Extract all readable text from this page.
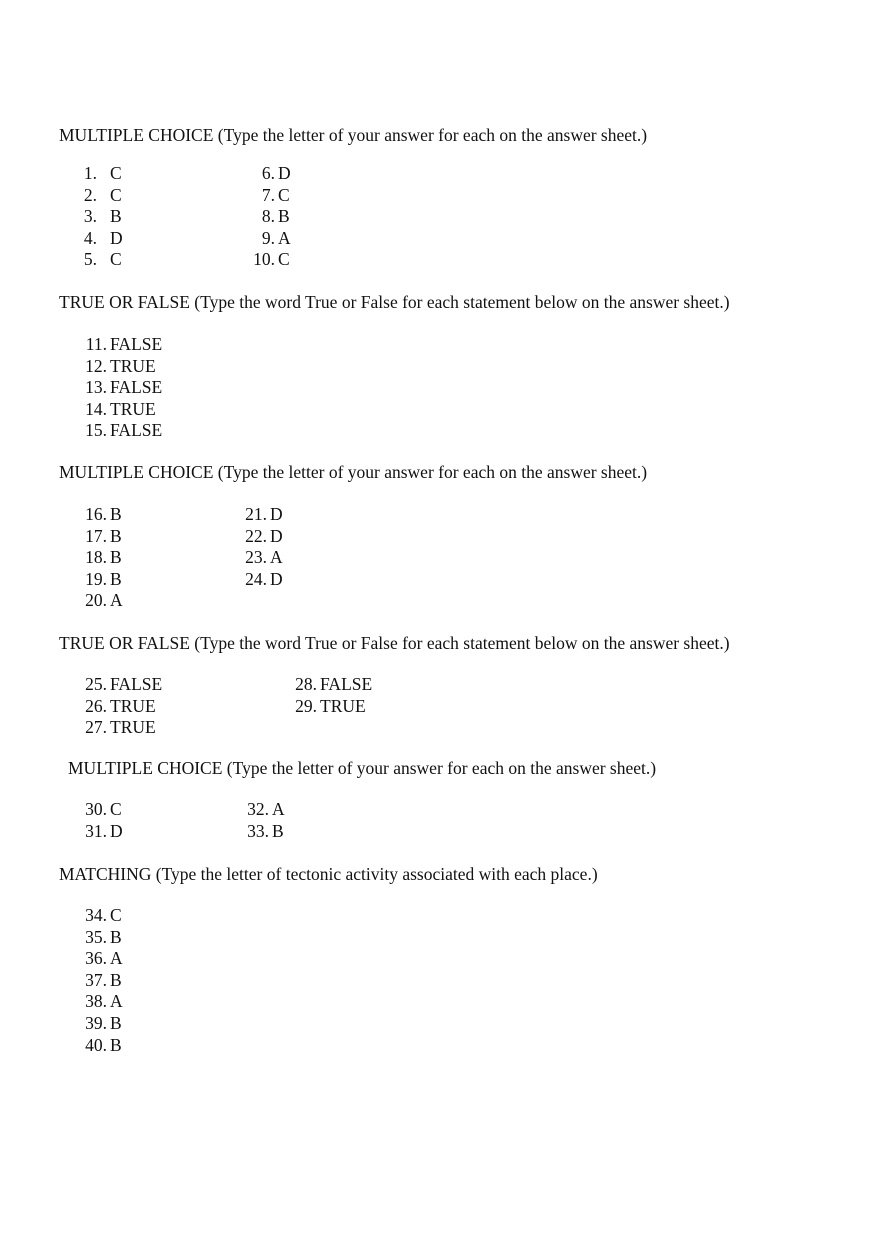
MULTIPLE CHOICE (Type the letter of your answer for each on the answer sheet.)
1. C
2. C
3. B
4. D
5. C
6. D
7. C
8. B
9. A
10. C
TRUE OR FALSE (Type the word True or False for each statement below on the answer sheet.)
11. FALSE
12. TRUE
13. FALSE
14. TRUE
15. FALSE
MULTIPLE CHOICE (Type the letter of your answer for each on the answer sheet.)
16. B
17. B
18. B
19. B
20. A
21. D
22. D
23. A
24. D
TRUE OR FALSE (Type the word True or False for each statement below on the answer sheet.)
25. FALSE
26. TRUE
27. TRUE
28. FALSE
29. TRUE
MULTIPLE CHOICE (Type the letter of your answer for each on the answer sheet.)
30. C
31. D
32. A
33. B
MATCHING (Type the letter of tectonic activity associated with each place.)
34. C
35. B
36. A
37. B
38. A
39. B
40. B
